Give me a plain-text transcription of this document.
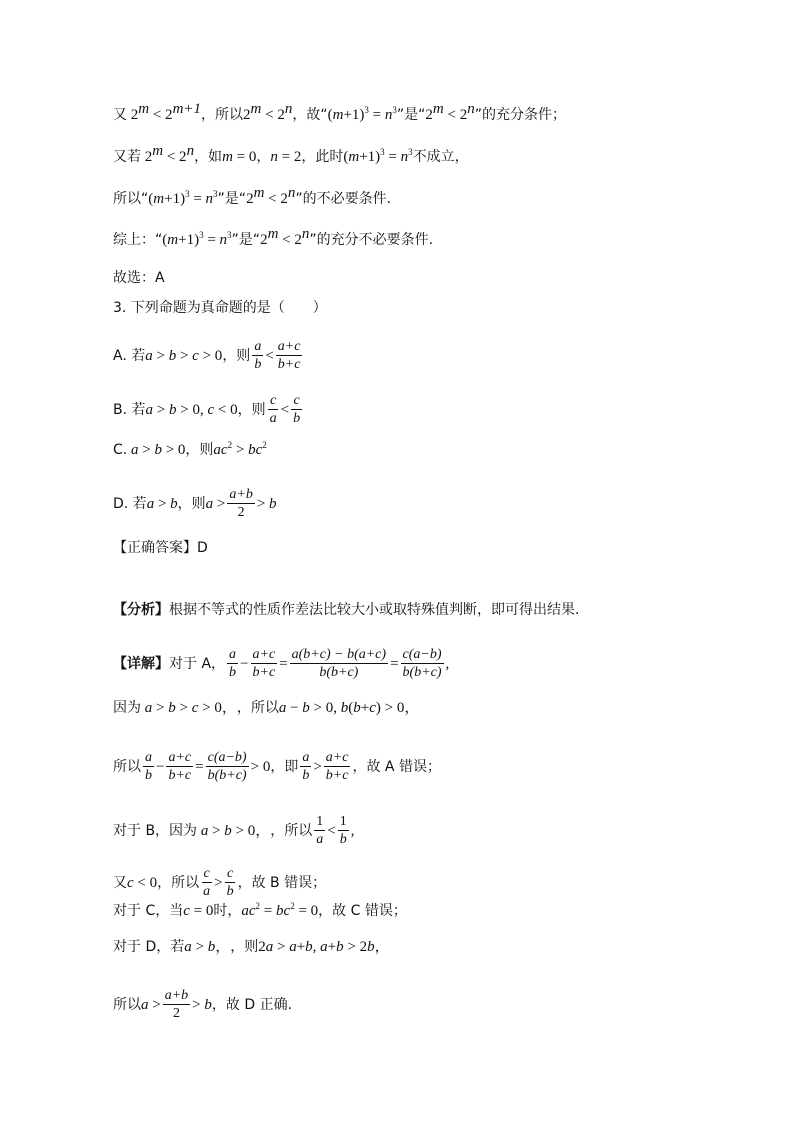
又 $2^m < 2^{m+1}$ ，所以 $2^m < 2^n$ ，故“ $(m+1)^3 = n^3$ ”是“ $2^m < 2^n$ ”的充分条件；
又若 $2^m < 2^n$ ，如 m = 0 ， n = 2 ，此时 $(m+1)^3 = n^3$ 不成立，
所以“ $(m+1)^3 = n^3$ ”是“ $2^m < 2^n$ ”的不必要条件.
综上：“ $(m+1)^3 = n^3$ ”是“ $2^m < 2^n$ ”的充分不必要条件.
故选：A
3. 下列命题为真命题的是（　　）
A. 若 a > b > c > 0 ，则 $\frac{a}{b} < \frac{a+c}{b+c}$
B. 若 a > b > 0, c < 0 ，则 $\frac{c}{a} < \frac{c}{b}$
C. a > b > 0 ，则 $ac^2 > bc^2$
D. 若 a > b ，则 $a > \frac{a+b}{2} > b$
【正确答案】D
【分析】 根据不等式的性质作差法比较大小或取特殊值判断，即可得出结果.
【详解】 对于 A， $\frac{a}{b} - \frac{a+c}{b+c} = \frac{a(b+c) - b(a+c)}{b(b+c)} = \frac{c(a-b)}{b(b+c)}$ ,
因为 a > b > c > 0， ，所以 a − b > 0, b(b+c) > 0，
所以 $\frac{a}{b} - \frac{a+c}{b+c} = \frac{c(a-b)}{b(b+c)} > 0$ ，即 $\frac{a}{b} > \frac{a+c}{b+c}$ ，故 A 错误；
对于 B，因为 a > b > 0， ，所以 $\frac{1}{a} < \frac{1}{b}$ ,
又 c < 0 ，所以 $\frac{c}{a} > \frac{c}{b}$ ，故 B 错误；
对于 C，当 c = 0 时， $ac^2 = bc^2 = 0$ ，故 C 错误；
对于 D，若 a > b， ，则 2a > a+b, a+b > 2b，
所以 $a > \frac{a+b}{2} > b$ ，故 D 正确.
